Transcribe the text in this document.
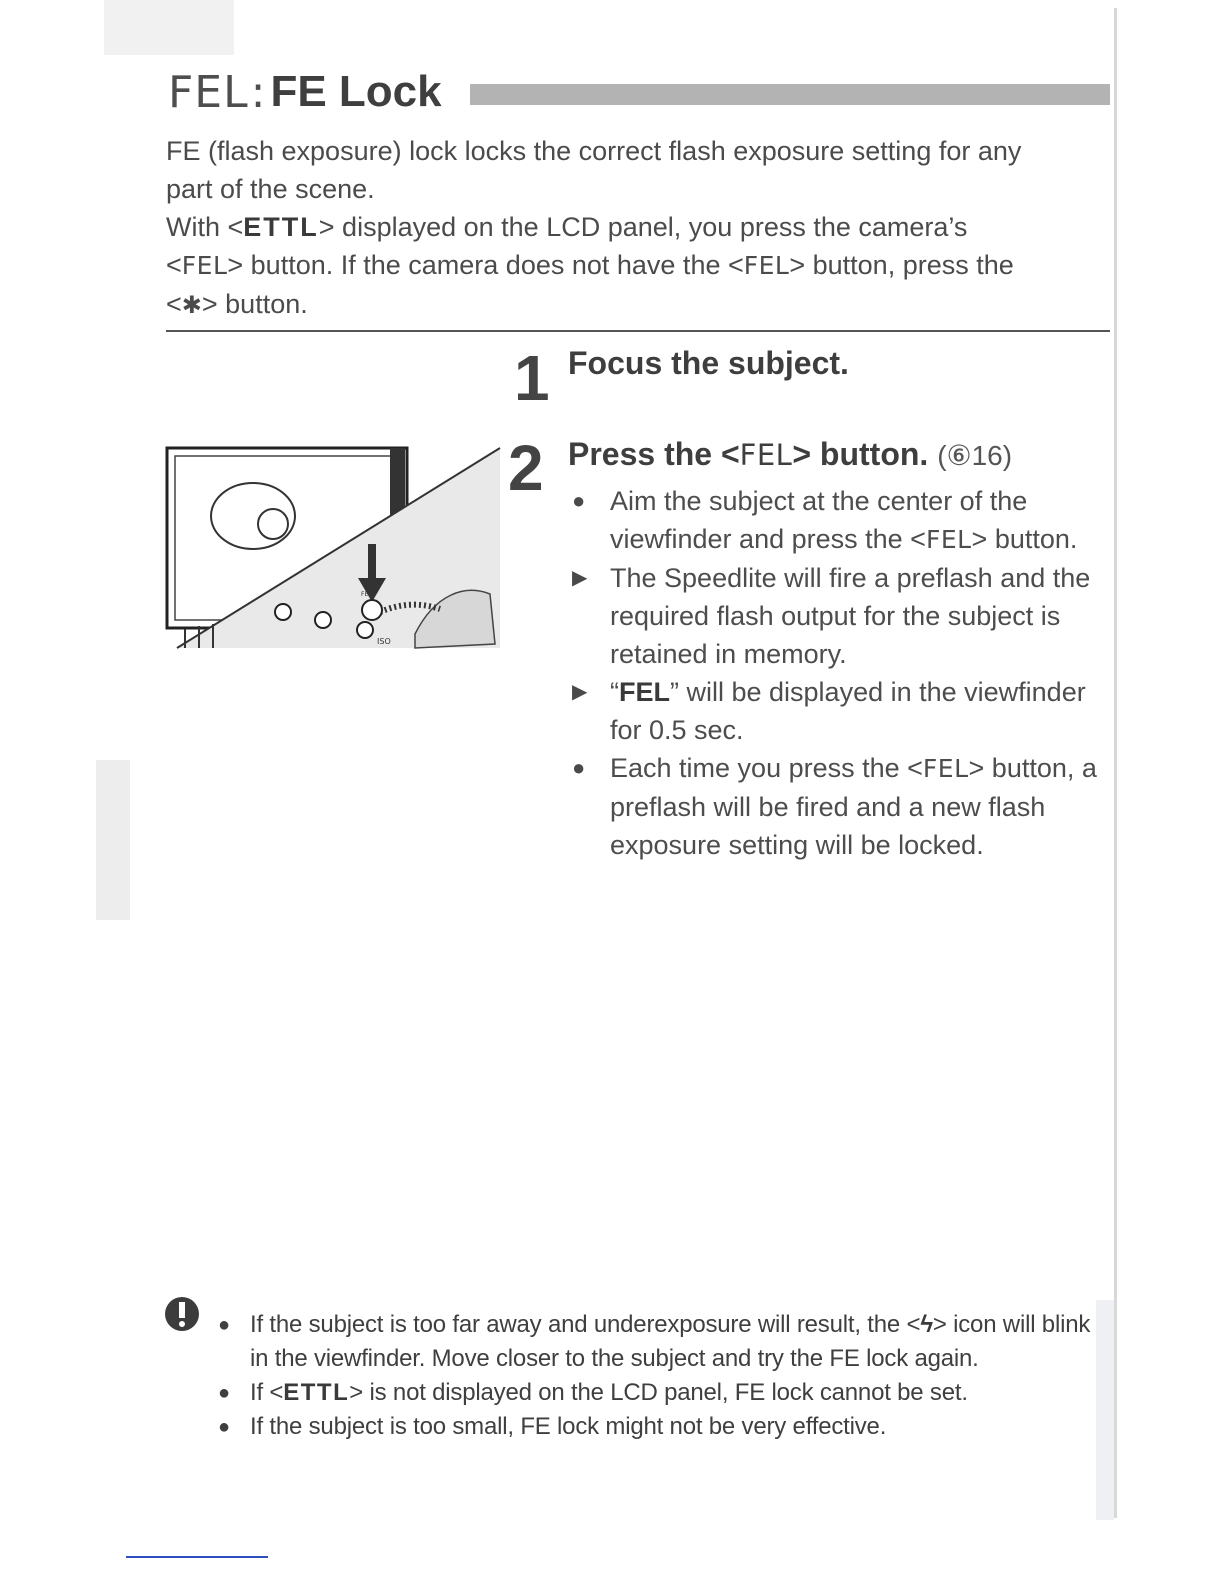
FEL : FE Lock

FE (flash exposure) lock locks the correct flash exposure setting for any

part of the scene.

With <ETTL> displayed on the LCD panel, you press the camera’s

<FEL> button. If the camera does not have the <FEL> button, press the

<✱> button.

1 Focus the subject.
2 Press the <FEL> button. (⑥16)
FEL
ISO
● Aim the subject at the center of the viewfinder and press the <FEL> button.
▶ The Speedlite will fire a preflash and the required flash output for the subject is retained in memory.
▶ “FEL” will be displayed in the viewfinder for 0.5 sec.
● Each time you press the <FEL> button, a preflash will be fired and a new flash exposure setting will be locked.
● If the subject is too far away and underexposure will result, the <ϟ> icon will blink in the viewfinder. Move closer to the subject and try the FE lock again.
● If <ETTL> is not displayed on the LCD panel, FE lock cannot be set.
● If the subject is too small, FE lock might not be very effective.
